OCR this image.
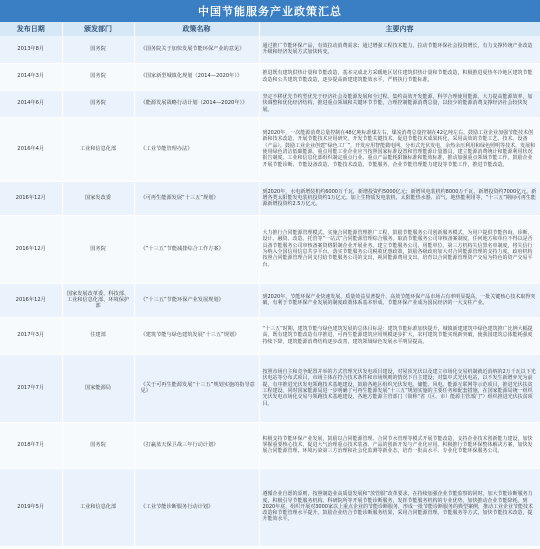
中国节能服务产业政策汇总
发布日期	颁发部门	政策名称	主要内容
2013年8月	国务院	《国务院关于加快发展节能环保产业的意见》	通过推广节能环保产品，有效拉动消费需求；通过增强工程技术能力，拉动节能环保社会投资增长，有力支撑传统产业改造升级和经济发展方式加快转变。
2014年3月	国务院	《国家新型城镇化规划（2014—2020年）》	推进既有建筑供热计量和节能改造，基本完成北方采暖地区居住建筑供热计量和节能改造，积极推进夏热冬冷地区建筑节能改造和公共建筑节能改造，逐步提高新建建筑能效水平，严格执行节能标准。
2014年6月	国务院	《能源发展战略行动计划（2014—2020年）》	坚定不移优先节约型优先于经济社会及能源发展和全过程。集约高效开发能源，科学合理使用能源，大力提高能源效率，加快调整和优化经济结构，推进重点领域和关键环节节能，合理控制能源消费总量，以较少的能源消费支撑经济社会较快发展。
2016年4月	工业和信息化部	《工业节能管理办法》	到2020年，一次能源消费总量控制在48亿吨标准煤左右，煤炭消费总量控制在42亿吨左右。鼓励工业企业加强节能技术创新和技术改造，开展节能技术应用研究，开发节能关键技术，促进节能技术成果转化，采用高效的节能工艺、技术、设备（产品）。鼓励工业企业创建“绿色工厂”，开发应用智能微电网、分布式光伏发电，余热余压利用和绿色照明等技术，发展和使用绿色清洁低碳能源。重点用能工业企业应当按照国家标准设置和管理能源计量器具，建立能源消费统计和能源利用状况报告制度。工业和信息化部组织制定重点行业、重点产品能耗限额标准和能效标准，推动加强重点领域节能工作。鼓励企业开展节能诊断、节能设备改造、节能技术改造。节能服务、企业节能管理能力建设等节能工作，推进节能改造。
2016年12月	国家发改委	《可再生能源发展“十三五”规划》	到2020年，水电新增装机约6000万千瓦，新增投资约5000亿元；新增风电装机约8000万千瓦，新增投资约7000亿元。新增各类太阳能发电装机投资约1万亿元。加上生物质发电装机、太阳能热水器、沼气、地热能利用等，“十三五”期间可再生能源新增投资约2.5万亿元。
2016年12月	国务院	《“十三五”节能减排综合工作方案》	大力推行合同能源管理模式。实施合同能源管理推广工程，鼓励节能服务公司创新服务模式，为用户提供节能咨询、诊断、设计、融资、改造、托管等“一站式”合同能源管理综合服务。取消节能服务公司审核备案制度，任何地方和单位不得以是否具备节能服务公司审核备案资格限制企业开展业务。建立节能服务公司、用能单位、第三方机构失信黑名单制度，将失信行为纳入全国信用信息共享平台。落实节能服务公司税收优惠政策，鼓励各级政府加大对合同能源管理的支持力度。政府机构按照合同能源管理合同支付给节能服务公司的支出，视同能源费用支出。培育以合同能源管理资产交易为特色的资产交易平台。
2016年12月	国家发展改革委、科技部、工业和信息化部、环境保护部	《“十三五”节能环保产业发展规划》	到2020年，节能环保产业快速发展、质量效益显著提升，高效节能环保产品市场占有率明显提高，一批关键核心技术取得突破，有利于节能环保产业发展的制度政策体系基本形成，节能环保产业成为国民经济的一大支柱产业。
2017年3月	住建部	《建筑节能与绿色建筑发展“十三五”规划》	“十三五”时期，建筑节能与绿色建筑发展的总体目标是：建筑节能标准加快提升，城镇新建建筑中绿色建筑推广比例大幅提高，既有建筑节能改造有序推进，可再生能源建筑应用规模逐步扩大，农村建筑节能实现新突破，使我国建筑总体能耗强度持续下降，建筑能源消费结构逐步改善，建筑领域绿色发展水平明显提高。
2017年7月	国家能源局	《关于可再生能源发展“十三五”规划实施的指导意见》	按照市场自主和竞争配置并举的方式管理光伏发电项目建设，对屋顶光伏以及建立市场化交易机制就近消纳的2万千瓦以下光伏电站等分布式项目，市场主体在符合技术条件和市场规则的情况下自主建设；对集中式光伏电站，以不发生新增弃光为前提，有序推进光伏发电领跑技术基地建设，鼓励各地区组织光伏发电、储能、风电、能源互联网等示范项目，推进光伏扶贫工程建设。同时国家能源局进一步明确了可再生能源发展“十三五”规划实施的主要任务和配套措施，在国家能源局统一组织光伏发电市场化交易与领跑技术基地建设，各地方能源主管部门（简称“省（区、市）能源主管部门”）组织推进光伏扶贫项目。
2018年7月	国务院	《打赢蓝天保卫战三年行动计划》	积极支持节能环保产业发展，鼓励以合同能源管理、合同节水管理等模式开展节能改造，支持企业技术创新能力建设，加快掌握重要核心技术，促进大气治理重点技术装备、产品的创新开发与产业化应用。积极推行节能环保整体解决方案，加快发展合同能源管理、环境污染第三方治理和社会化监测等新业态，培育一批高水平、专业化节能环保服务公司。
2019年5月	工业和信息化部	《工业节能诊断服务行动计划》	遵循企业自愿的原则，按照制造业高质量发展和“放管服”改革要求，在持续加强企业节能监察的同时，加大节能诊断服务力度，积极引导节能服务机构、科研院所等开展节能诊断服务，发挥节能服务机构的专业优势，加快推动企业节能降耗。到2020年底，组织开展对3000家以上重点企业的节能诊断服务，形成一批节能诊断服务的典型案例，推动工业企业节能技术改造和节能管理水平提升。鼓励企业结合节能诊断服务结果，采用合同能源管理、节能服务等方式，加快节能技术改造，提升能效水平。
